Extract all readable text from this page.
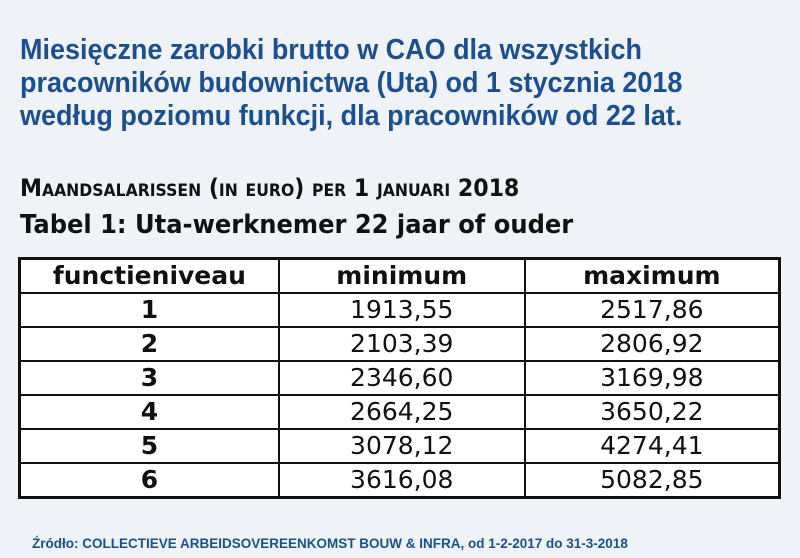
Miesięczne zarobki brutto w CAO dla wszystkich
pracowników budownictwa (Uta) od 1 stycznia 2018
według poziomu funkcji, dla pracowników od 22 lat.
Maandsalarissen (in euro) per 1 januari 2018
Tabel 1: Uta-werknemer 22 jaar of ouder
functieniveau	minimum	maximum
1	1913,55	2517,86
2	2103,39	2806,92
3	2346,60	3169,98
4	2664,25	3650,22
5	3078,12	4274,41
6	3616,08	5082,85
Źródło: COLLECTIEVE ARBEIDSOVEREENKOMST BOUW & INFRA, od 1-2-2017 do 31-3-2018
